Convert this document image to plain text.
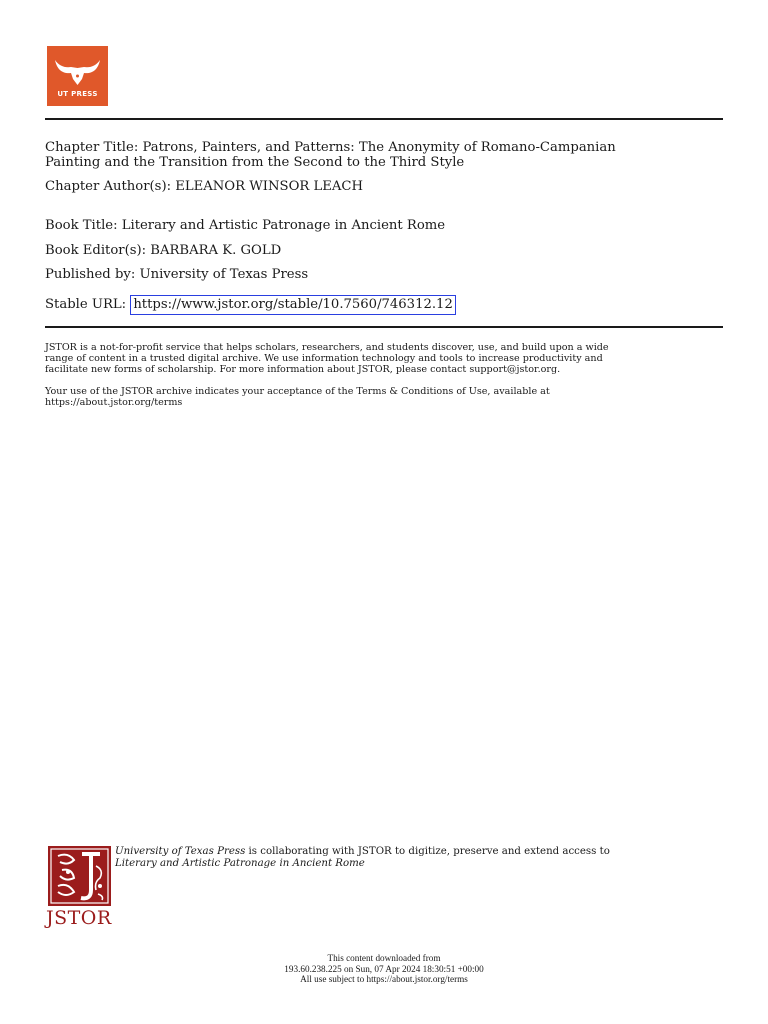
UT PRESS
Chapter Title: Patrons, Painters, and Patterns: The Anonymity of Romano-Campanian
Painting and the Transition from the Second to the Third Style
Chapter Author(s): ELEANOR WINSOR LEACH
Book Title: Literary and Artistic Patronage in Ancient Rome
Book Editor(s): BARBARA K. GOLD
Published by: University of Texas Press
Stable URL: https://www.jstor.org/stable/10.7560/746312.12

JSTOR is a not-for-profit service that helps scholars, researchers, and students discover, use, and build upon a wide

range of content in a trusted digital archive. We use information technology and tools to increase productivity and

facilitate new forms of scholarship. For more information about JSTOR, please contact support@jstor.org.

Your use of the JSTOR archive indicates your acceptance of the Terms & Conditions of Use, available at

https://about.jstor.org/terms

JSTOR
University of Texas Press is collaborating with JSTOR to digitize, preserve and extend access to
Literary and Artistic Patronage in Ancient Rome
This content downloaded from
193.60.238.225 on Sun, 07 Apr 2024 18:30:51 +00:00
All use subject to https://about.jstor.org/terms
